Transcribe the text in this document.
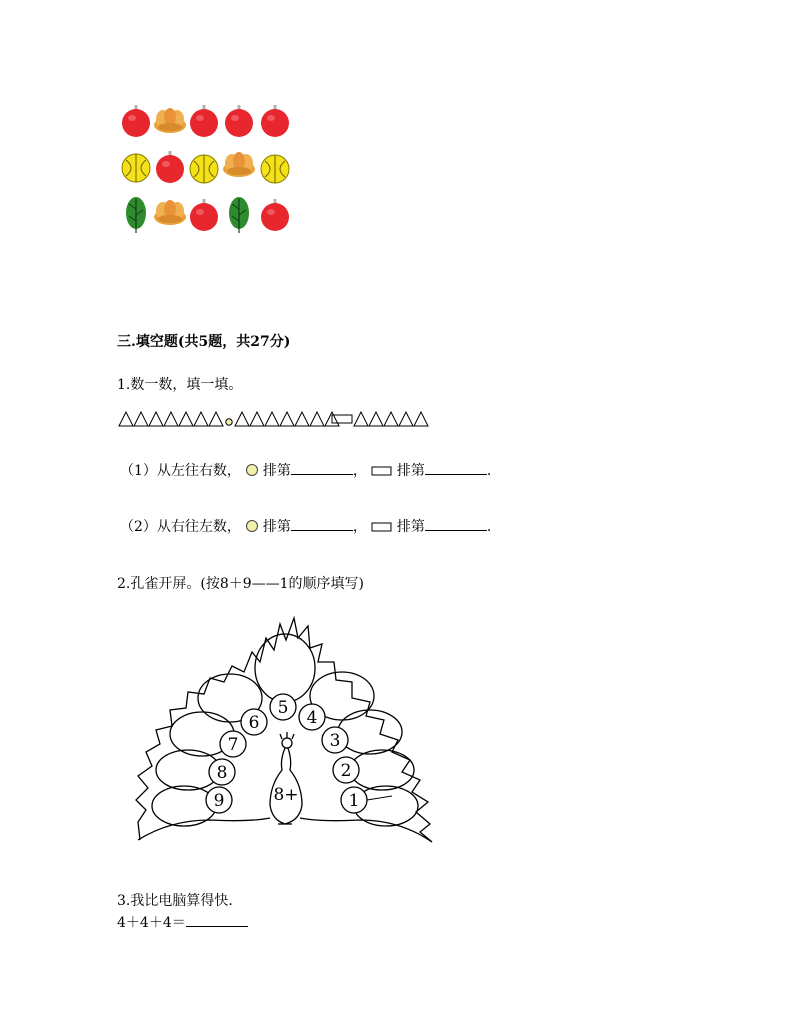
三.填空题(共5题，共27分)
1.数一数，填一填。
（1）从左往右数， 排第	， 排第	.
（2）从右往左数， 排第	， 排第	.
2.孔雀开屏。(按8＋9——1的顺序填写)
5 4
6
3
7
8	2
9	1
8+
3.我比电脑算得快.
4＋4＋4＝
